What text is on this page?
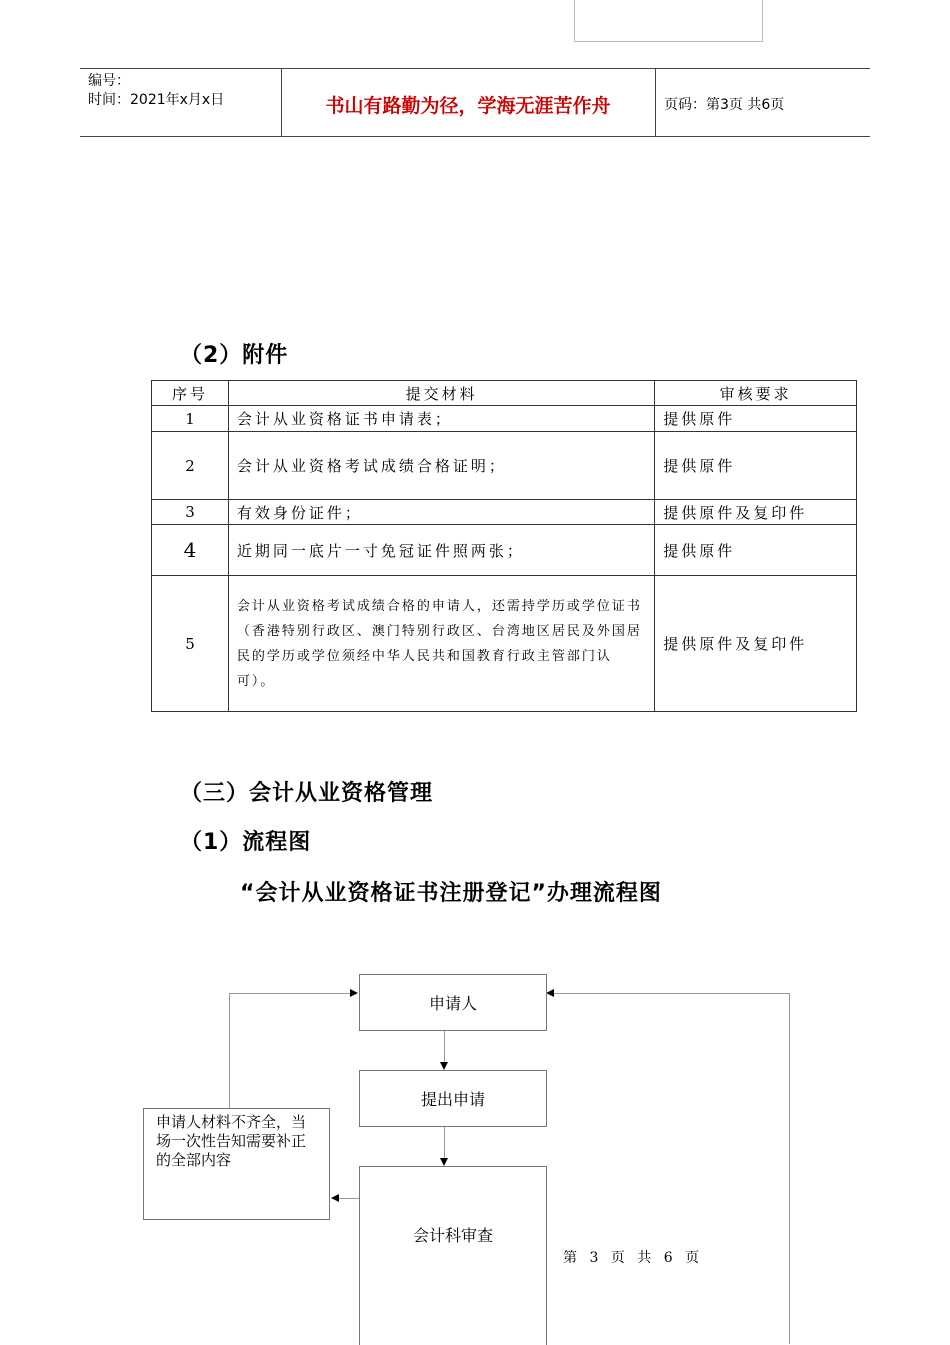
编号：
时间：2021年x月x日	书山有路勤为径，学海无涯苦作舟	页码：第3页 共6页
（2）附件
序号	提交材料	审核要求
1	会计从业资格证书申请表；	提供原件
2	会计从业资格考试成绩合格证明；	提供原件
3	有效身份证件；	提供原件及复印件
4	近期同一底片一寸免冠证件照两张；	提供原件
5	会计从业资格考试成绩合格的申请人，还需持学历或学位证书（香港特别行政区、澳门特别行政区、台湾地区居民及外国居民的学历或学位须经中华人民共和国教育行政主管部门认可）。	提供原件及复印件
（三）会计从业资格管理
（1）流程图
“会计从业资格证书注册登记”办理流程图
申请人
提出申请
申请人材料不齐全，当场一次性告知需要补正的全部内容
会计科审查
第 3 页 共 6 页
